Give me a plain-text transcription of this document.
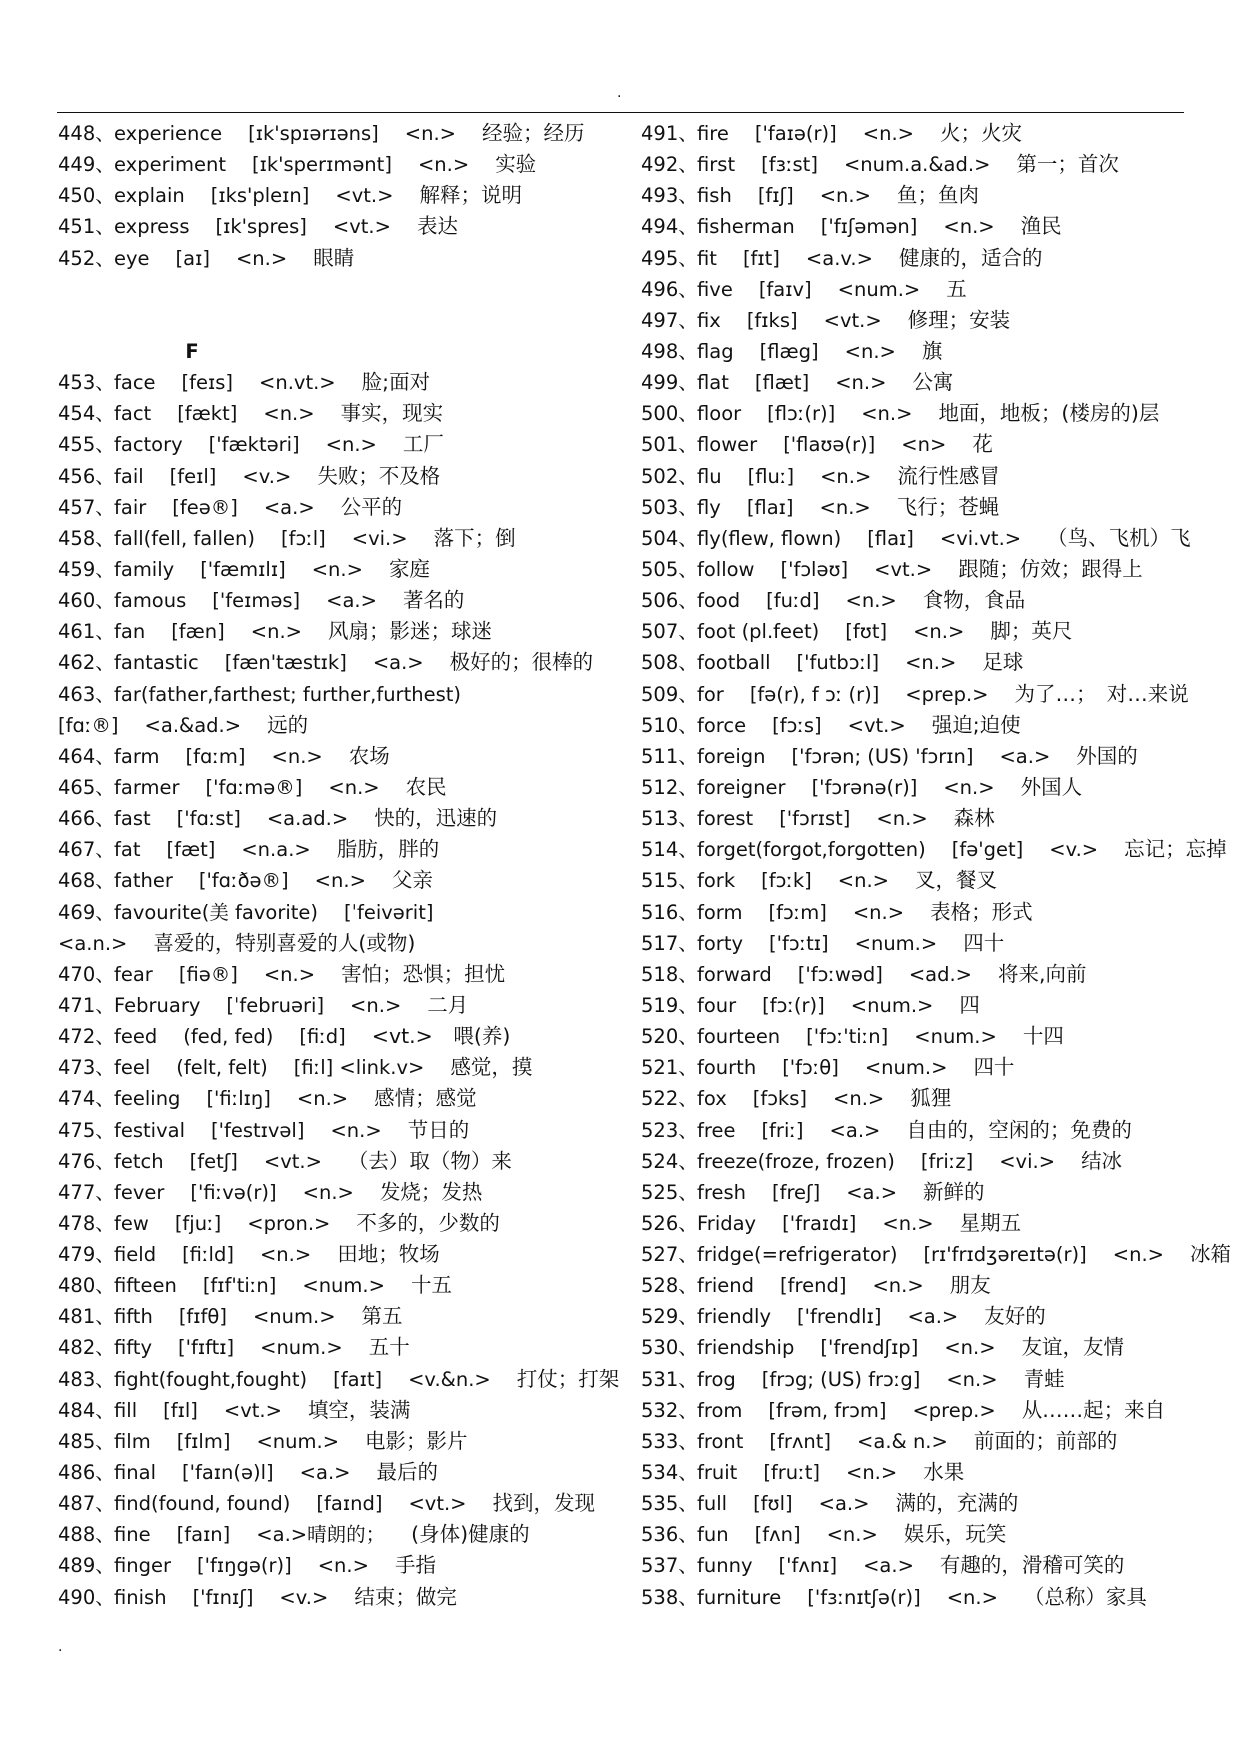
.
448、experience [ɪk'spɪərɪəns] <n.> 经验；经历
449、experiment [ɪk'sperɪmənt] <n.> 实验
450、explain [ɪks'pleɪn] <vt.> 解释；说明
451、express [ɪk'spres] <vt.> 表达
452、eye [aɪ] <n.> 眼睛
F
453、face [feɪs] <n.vt.> 脸;面对
454、fact [fækt] <n.> 事实，现实
455、factory ['fæktəri] <n.> 工厂
456、fail [feɪl] <v.> 失败；不及格
457、fair [feə®] <a.> 公平的
458、fall(fell, fallen) [fɔːl] <vi.> 落下；倒
459、family ['fæmɪlɪ] <n.> 家庭
460、famous ['feɪməs] <a.> 著名的
461、fan [fæn] <n.> 风扇；影迷；球迷
462、fantastic [fæn'tæstɪk] <a.> 极好的；很棒的
463、far(father,farthest; further,furthest)
[fɑː®] <a.&ad.> 远的
464、farm [fɑːm] <n.> 农场
465、farmer ['fɑːmə®] <n.> 农民
466、fast ['fɑːst] <a.ad.> 快的，迅速的
467、fat [fæt] <n.a.> 脂肪，胖的
468、father ['fɑːðə®] <n.> 父亲
469、favourite(美 favorite) [ˈfeivərit]
<a.n.> 喜爱的，特别喜爱的人(或物)
470、fear [fiə®] <n.> 害怕；恐惧；担忧
471、February [ˈfebruəri] <n.> 二月
472、feed (fed, fed) [fiːd] <vt.>　喂(养)
473、feel (felt, felt) [fiːl] <link.v> 感觉，摸
474、feeling ['fiːlɪŋ] <n.> 感情；感觉
475、festival ['festɪvəl] <n.> 节日的
476、fetch [fetʃ] <vt.> （去）取（物）来
477、fever ['fiːvə(r)] <n.> 发烧；发热
478、few [fjuː] <pron.> 不多的，少数的
479、field [fiːld] <n.> 田地；牧场
480、fifteen [fɪf'tiːn] <num.> 十五
481、fifth [fɪfθ] <num.> 第五
482、fifty ['fɪftɪ] <num.> 五十
483、fight(fought,fought) [faɪt] <v.&n.> 打仗；打架
484、fill [fɪl] <vt.> 填空，装满
485、film [fɪlm] <num.> 电影；影片
486、final ['faɪn(ə)l] <a.> 最后的
487、find(found, found) [faɪnd] <vt.> 找到，发现
488、fine [faɪn] <a.>晴朗的； (身体)健康的
489、finger ['fɪŋgə(r)] <n.> 手指
490、finish ['fɪnɪʃ] <v.> 结束；做完
491、fire ['faɪə(r)] <n.> 火；火灾
492、first [fɜːst] <num.a.&ad.> 第一；首次
493、fish [fɪʃ] <n.> 鱼；鱼肉
494、fisherman ['fɪʃəmən] <n.> 渔民
495、fit [fɪt] <a.v.> 健康的，适合的
496、five [faɪv] <num.> 五
497、fix [fɪks] <vt.> 修理；安装
498、flag [flæg] <n.> 旗
499、flat [flæt] <n.> 公寓
500、floor [flɔː(r)] <n.> 地面，地板；(楼房的)层
501、flower ['flaʊə(r)] <n> 花
502、flu [fluː] <n.> 流行性感冒
503、fly [flaɪ] <n.> 飞行；苍蝇
504、fly(flew, flown) [flaɪ] <vi.vt.> （鸟、飞机）飞
505、follow ['fɔləʊ] <vt.> 跟随；仿效；跟得上
506、food [fuːd] <n.> 食物，食品
507、foot (pl.feet) [fʊt] <n.> 脚；英尺
508、football ['futbɔːl] <n.> 足球
509、for [fə(r), f ɔː (r)] <prep.> 为了…；　对…来说
510、force [fɔːs] <vt.> 强迫;迫使
511、foreign ['fɔrən; (US) 'fɔrɪn] <a.> 外国的
512、foreigner ['fɔrənə(r)] <n.> 外国人
513、forest ['fɔrɪst] <n.> 森林
514、forget(forgot,forgotten) [fə'get] <v.> 忘记；忘掉
515、fork [fɔːk] <n.> 叉，餐叉
516、form [fɔːm] <n.> 表格；形式
517、forty ['fɔːtɪ] <num.> 四十
518、forward ['fɔːwəd] <ad.> 将来,向前
519、four [fɔː(r)] <num.> 四
520、fourteen ['fɔː'tiːn] <num.> 十四
521、fourth ['fɔːθ] <num.> 四十
522、fox [fɔks] <n.> 狐狸
523、free [friː] <a.> 自由的，空闲的；免费的
524、freeze(froze, frozen) [friːz] <vi.> 结冰
525、fresh [freʃ] <a.> 新鲜的
526、Friday ['fraɪdɪ] <n.> 星期五
527、fridge(=refrigerator) [rɪ'frɪdʒəreɪtə(r)] <n.> 冰箱
528、friend [frend] <n.> 朋友
529、friendly ['frendlɪ] <a.> 友好的
530、friendship ['frendʃɪp] <n.> 友谊，友情
531、frog [frɔg; (US) frɔːg] <n.> 青蛙
532、from [frəm, frɔm] <prep.> 从……起；来自
533、front [frʌnt] <a.& n.> 前面的；前部的
534、fruit [fruːt] <n.> 水果
535、full [fʊl] <a.> 满的，充满的
536、fun [fʌn] <n.> 娱乐，玩笑
537、funny ['fʌnɪ] <a.> 有趣的，滑稽可笑的
538、furniture ['fɜːnɪtʃə(r)] <n.> （总称）家具
.
